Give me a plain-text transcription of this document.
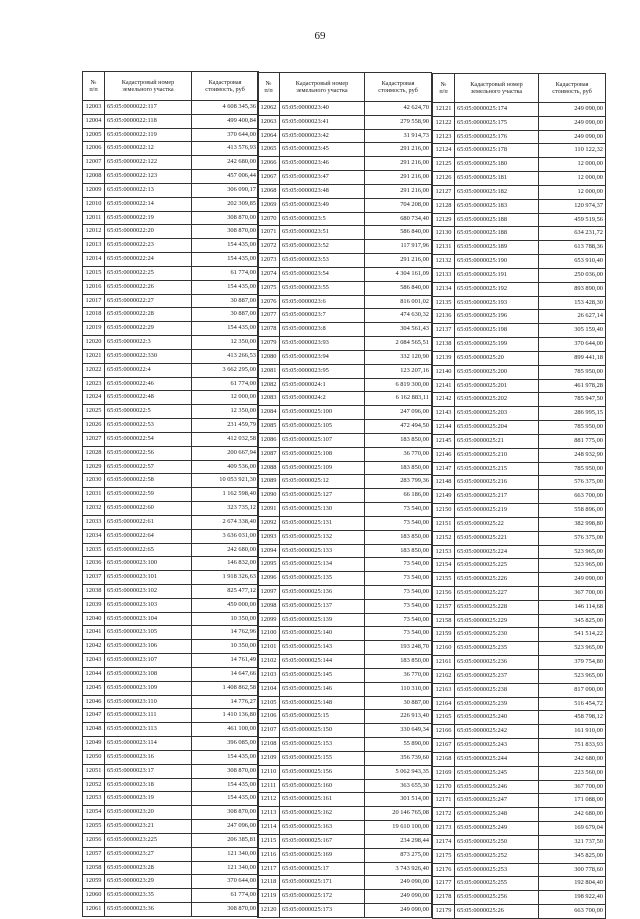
69
№
п/п	Кадастровый номер земельного участка	Кадастровая стоимость, руб
12003	65:05:0000022:117	4 608 345,36
12004	65:05:0000022:118	499 400,84
12005	65:05:0000022:119	370 644,00
12006	65:05:0000022:12	413 576,93
12007	65:05:0000022:122	242 680,00
12008	65:05:0000022:123	457 006,44
12009	65:05:0000022:13	306 090,17
12010	65:05:0000022:14	202 309,85
12011	65:05:0000022:19	308 870,00
12012	65:05:0000022:20	308 870,00
12013	65:05:0000022:23	154 435,00
12014	65:05:0000022:24	154 435,00
12015	65:05:0000022:25	61 774,00
12016	65:05:0000022:26	154 435,00
12017	65:05:0000022:27	30 887,00
12018	65:05:0000022:28	30 887,00
12019	65:05:0000022:29	154 435,00
12020	65:05:0000022:3	12 350,00
12021	65:05:0000022:330	413 266,53
12022	65:05:0000022:4	3 662 295,00
12023	65:05:0000022:46	61 774,00
12024	65:05:0000022:48	12 000,00
12025	65:05:0000022:5	12 350,00
12026	65:05:0000022:53	231 459,79
12027	65:05:0000022:54	412 032,58
12028	65:05:0000022:56	200 667,94
12029	65:05:0000022:57	409 536,00
12030	65:05:0000022:58	10 053 921,30
12031	65:05:0000022:59	1 162 598,40
12032	65:05:0000022:60	323 735,12
12033	65:05:0000022:61	2 674 338,40
12034	65:05:0000022:64	3 636 031,00
12035	65:05:0000022:65	242 680,00
12036	65:05:0000023:100	146 832,00
12037	65:05:0000023:101	1 918 326,63
12038	65:05:0000023:102	825 477,12
12039	65:05:0000023:103	459 000,00
12040	65:05:0000023:104	10 350,00
12041	65:05:0000023:105	14 762,96
12042	65:05:0000023:106	10 350,00
12043	65:05:0000023:107	14 761,49
12044	65:05:0000023:108	14 647,66
12045	65:05:0000023:109	1 408 862,58
12046	65:05:0000023:110	14 776,27
12047	65:05:0000023:111	1 410 136,80
12048	65:05:0000023:113	461 100,00
12049	65:05:0000023:114	396 085,00
12050	65:05:0000023:16	154 435,00
12051	65:05:0000023:17	308 870,00
12052	65:05:0000023:18	154 435,00
12053	65:05:0000023:19	154 435,00
12054	65:05:0000023:20	308 870,00
12055	65:05:0000023:21	247 096,00
12056	65:05:0000023:225	206 385,81
12057	65:05:0000023:27	121 340,00
12058	65:05:0000023:28	121 340,00
12059	65:05:0000023:29	370 644,00
12060	65:05:0000023:35	61 774,00
12061	65:05:0000023:36	308 870,00
№
п/п	Кадастровый номер земельного участка	Кадастровая стоимость, руб
12062	65:05:0000023:40	42 624,70
12063	65:05:0000023:41	279 558,90
12064	65:05:0000023:42	31 914,73
12065	65:05:0000023:45	291 216,00
12066	65:05:0000023:46	291 216,00
12067	65:05:0000023:47	291 216,00
12068	65:05:0000023:48	291 216,00
12069	65:05:0000023:49	704 208,00
12070	65:05:0000023:5	680 734,40
12071	65:05:0000023:51	586 840,00
12072	65:05:0000023:52	117 917,96
12073	65:05:0000023:53	291 216,00
12074	65:05:0000023:54	4 304 161,09
12075	65:05:0000023:55	586 840,00
12076	65:05:0000023:6	816 001,02
12077	65:05:0000023:7	474 630,32
12078	65:05:0000023:8	304 561,43
12079	65:05:0000023:93	2 084 565,51
12080	65:05:0000023:94	332 120,90
12081	65:05:0000023:95	123 207,16
12082	65:05:0000024:1	6 819 300,00
12083	65:05:0000024:2	6 162 883,11
12084	65:05:0000025:100	247 096,00
12085	65:05:0000025:105	472 494,50
12086	65:05:0000025:107	183 850,00
12087	65:05:0000025:108	36 770,00
12088	65:05:0000025:109	183 850,00
12089	65:05:0000025:12	283 799,36
12090	65:05:0000025:127	66 186,00
12091	65:05:0000025:130	73 540,00
12092	65:05:0000025:131	73 540,00
12093	65:05:0000025:132	183 850,00
12094	65:05:0000025:133	183 850,00
12095	65:05:0000025:134	73 540,00
12096	65:05:0000025:135	73 540,00
12097	65:05:0000025:136	73 540,00
12098	65:05:0000025:137	73 540,00
12099	65:05:0000025:139	73 540,00
12100	65:05:0000025:140	73 540,00
12101	65:05:0000025:143	193 248,70
12102	65:05:0000025:144	183 850,00
12103	65:05:0000025:145	36 770,00
12104	65:05:0000025:146	110 310,00
12105	65:05:0000025:148	30 887,00
12106	65:05:0000025:15	226 913,40
12107	65:05:0000025:150	330 649,34
12108	65:05:0000025:153	55 890,00
12109	65:05:0000025:155	356 739,60
12110	65:05:0000025:156	5 062 943,35
12111	65:05:0000025:160	363 655,30
12112	65:05:0000025:161	301 514,00
12113	65:05:0000025:162	20 146 765,08
12114	65:05:0000025:163	19 610 100,00
12115	65:05:0000025:167	234 298,44
12116	65:05:0000025:169	873 275,00
12117	65:05:0000025:17	3 743 926,40
12118	65:05:0000025:171	249 090,00
12119	65:05:0000025:172	249 090,00
12120	65:05:0000025:173	249 090,00
№
п/п	Кадастровый номер земельного участка	Кадастровая стоимость, руб
12121	65:05:0000025:174	249 090,00
12122	65:05:0000025:175	249 090,00
12123	65:05:0000025:176	249 090,00
12124	65:05:0000025:178	110 122,32
12125	65:05:0000025:180	12 000,00
12126	65:05:0000025:181	12 000,00
12127	65:05:0000025:182	12 000,00
12128	65:05:0000025:183	120 974,37
12129	65:05:0000025:188	459 519,56
12130	65:05:0000025:188	634 231,72
12131	65:05:0000025:189	613 788,36
12132	65:05:0000025:190	653 910,40
12133	65:05:0000025:191	250 036,00
12134	65:05:0000025:192	893 890,00
12135	65:05:0000025:193	153 428,30
12136	65:05:0000025:196	26 627,14
12137	65:05:0000025:198	305 159,40
12138	65:05:0000025:199	370 644,00
12139	65:05:0000025:20	899 441,18
12140	65:05:0000025:200	785 950,00
12141	65:05:0000025:201	461 978,28
12142	65:05:0000025:202	785 947,50
12143	65:05:0000025:203	286 995,15
12144	65:05:0000025:204	785 950,00
12145	65:05:0000025:21	881 775,00
12146	65:05:0000025:210	248 932,90
12147	65:05:0000025:215	785 950,00
12148	65:05:0000025:216	576 375,00
12149	65:05:0000025:217	663 700,00
12150	65:05:0000025:219	558 896,00
12151	65:05:0000025:22	382 998,80
12152	65:05:0000025:221	576 375,00
12153	65:05:0000025:224	523 965,00
12154	65:05:0000025:225	523 965,00
12155	65:05:0000025:226	249 090,00
12156	65:05:0000025:227	367 700,00
12157	65:05:0000025:228	146 114,68
12158	65:05:0000025:229	345 825,00
12159	65:05:0000025:230	541 514,22
12160	65:05:0000025:235	523 965,00
12161	65:05:0000025:236	379 754,80
12162	65:05:0000025:237	523 965,00
12163	65:05:0000025:238	817 090,00
12164	65:05:0000025:239	516 454,72
12165	65:05:0000025:240	458 798,12
12166	65:05:0000025:242	161 910,00
12167	65:05:0000025:243	751 833,93
12168	65:05:0000025:244	242 680,00
12169	65:05:0000025:245	223 560,00
12170	65:05:0000025:246	367 700,00
12171	65:05:0000025:247	171 088,00
12172	65:05:0000025:248	242 680,00
12173	65:05:0000025:249	169 679,04
12174	65:05:0000025:250	321 737,50
12175	65:05:0000025:252	345 825,00
12176	65:05:0000025:253	300 778,60
12177	65:05:0000025:255	192 804,40
12178	65:05:0000025:256	198 922,40
12179	65:05:0000025:26	663 700,00
